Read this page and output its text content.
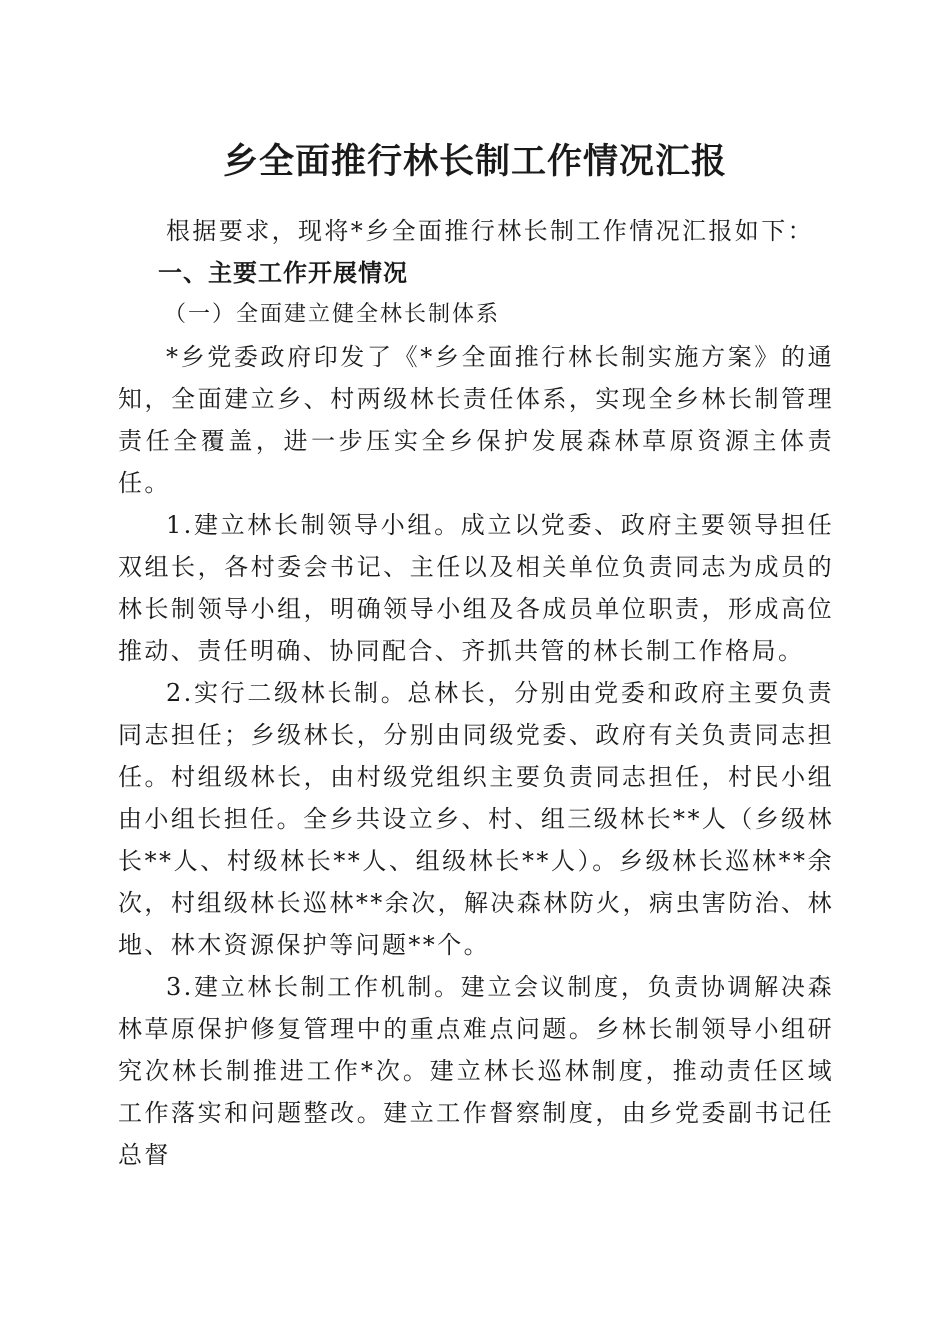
乡全面推行林长制工作情况汇报

根据要求，现将*乡全面推行林长制工作情况汇报如下：

一、主要工作开展情况
（一）全面建立健全林长制体系

*乡党委政府印发了《*乡全面推行林长制实施方案》的通知，全面建立乡、村两级林长责任体系，实现全乡林长制管理责任全覆盖，进一步压实全乡保护发展森林草原资源主体责任。

1.建立林长制领导小组。成立以党委、政府主要领导担任双组长，各村委会书记、主任以及相关单位负责同志为成员的林长制领导小组，明确领导小组及各成员单位职责，形成高位推动、责任明确、协同配合、齐抓共管的林长制工作格局。

2.实行二级林长制。总林长，分别由党委和政府主要负责同志担任；乡级林长，分别由同级党委、政府有关负责同志担任。村组级林长，由村级党组织主要负责同志担任，村民小组由小组长担任。全乡共设立乡、村、组三级林长**人（乡级林长**人、村级林长**人、组级林长**人）。乡级林长巡林**余次，村组级林长巡林**余次，解决森林防火，病虫害防治、林地、林木资源保护等问题**个。

3.建立林长制工作机制。建立会议制度，负责协调解决森林草原保护修复管理中的重点难点问题。乡林长制领导小组研究次林长制推进工作*次。建立林长巡林制度，推动责任区域工作落实和问题整改。建立工作督察制度，由乡党委副书记任总督
